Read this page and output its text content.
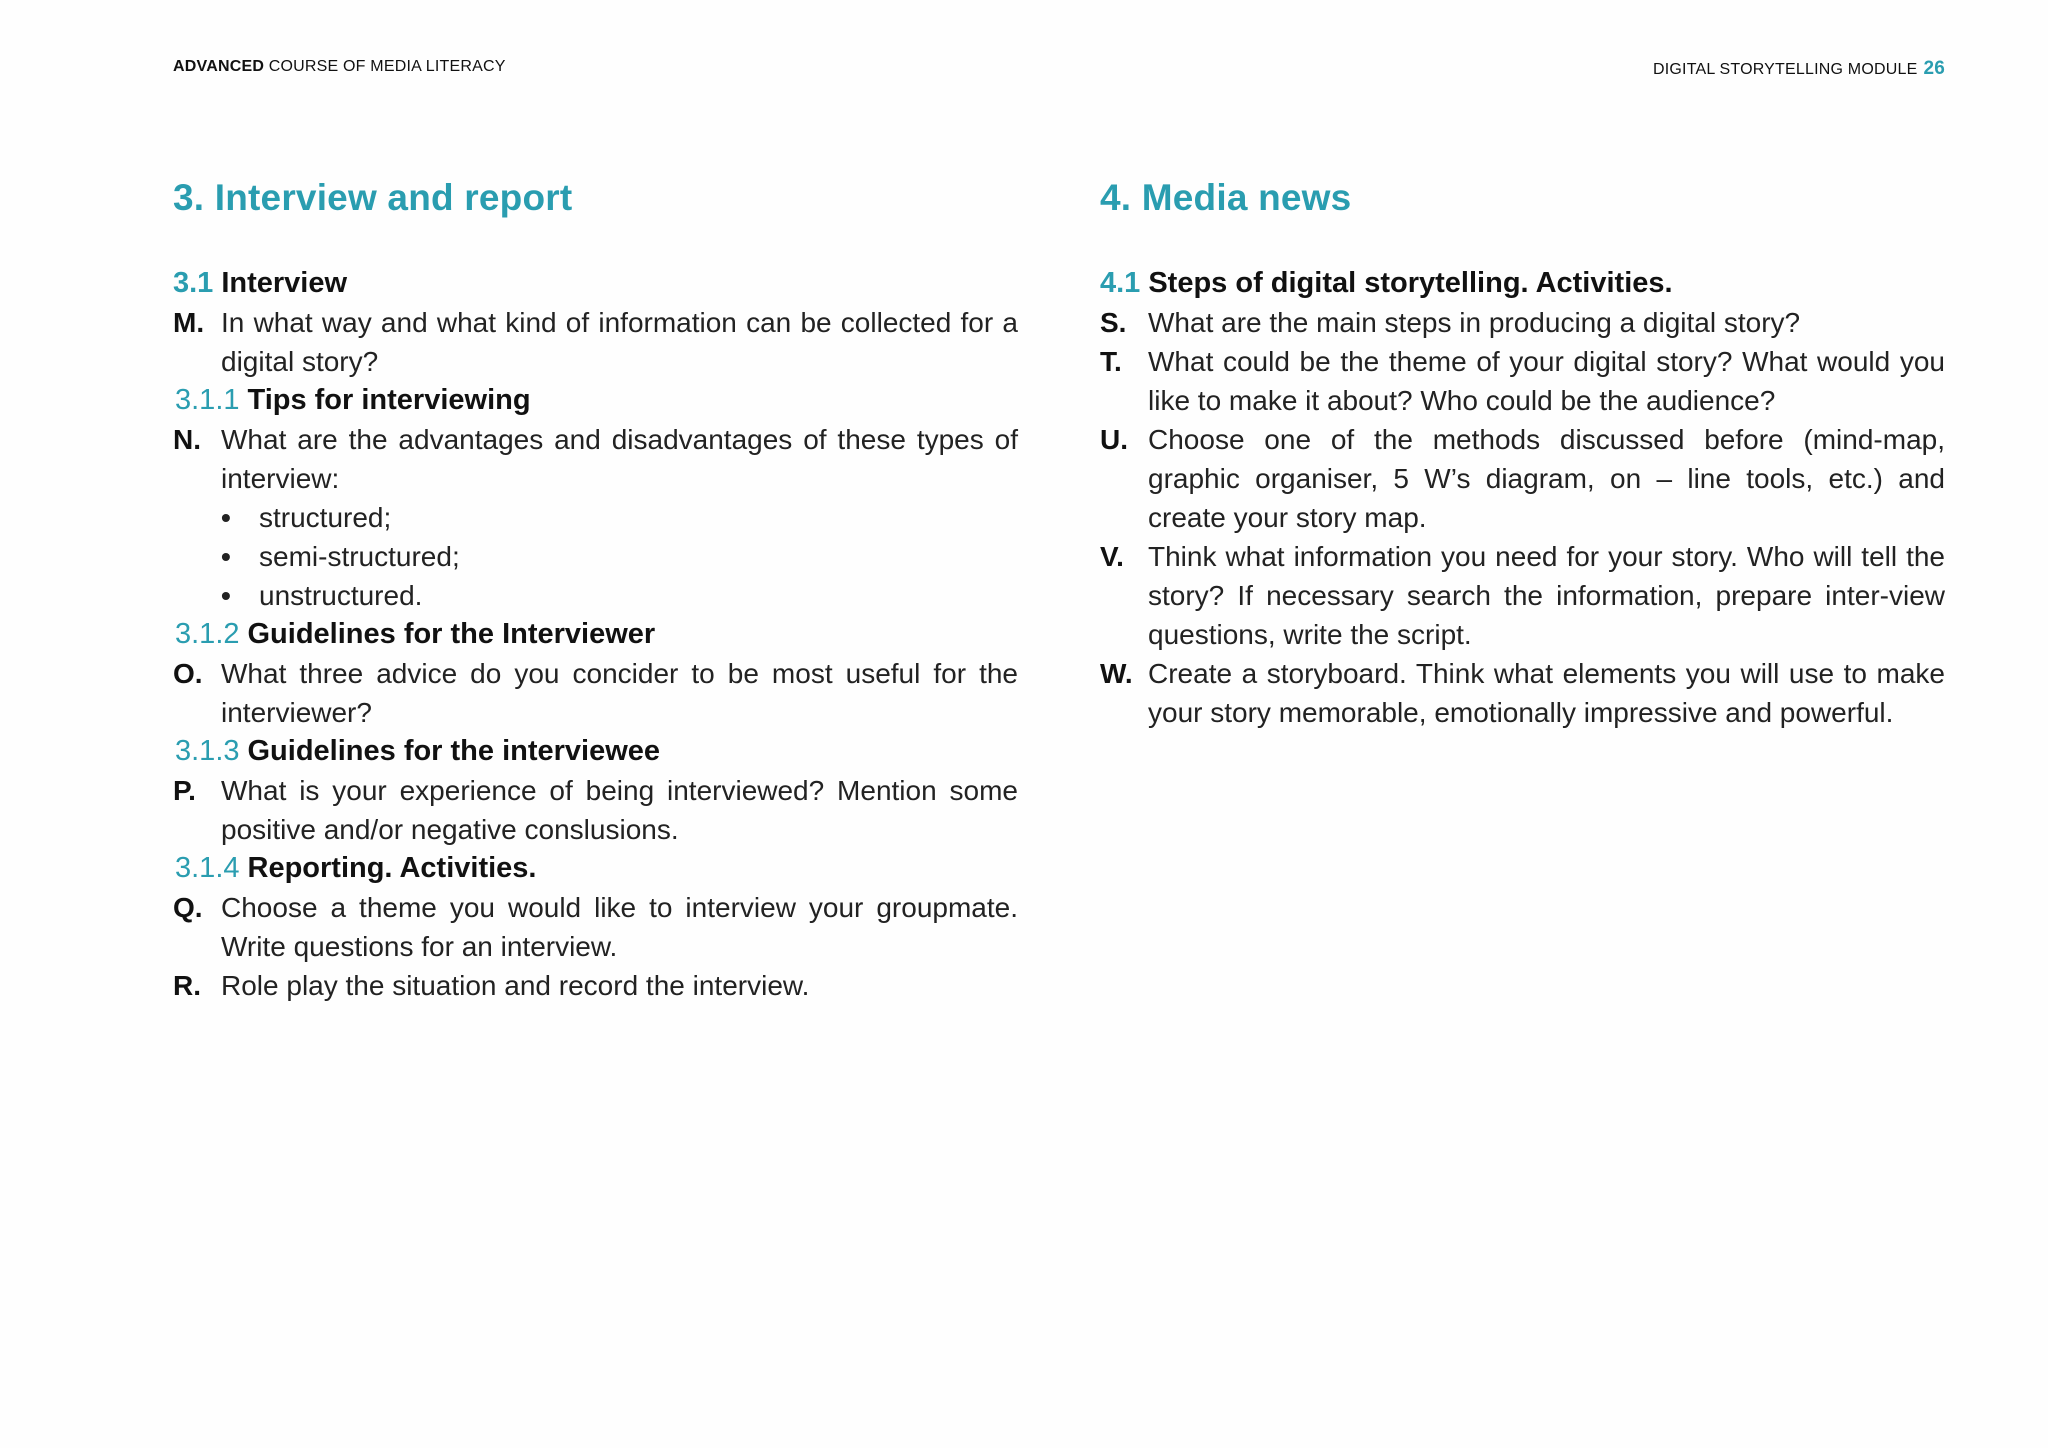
ADVANCED COURSE OF MEDIA LITERACY	DIGITAL STORYTELLING MODULE 26
3. Interview and report
3.1 Interview
M. In what way and what kind of information can be collected for a digital story?
3.1.1 Tips for interviewing
N. What are the advantages and disadvantages of these types of interview:
•	structured;
•	semi-structured;
•	unstructured.
3.1.2 Guidelines for the Interviewer
O. What three advice do you concider to be most useful for the interviewer?
3.1.3 Guidelines for the interviewee
P. What is your experience of being interviewed? Mention some positive and/or negative conslusions.
3.1.4 Reporting. Activities.
Q. Choose a theme you would like to interview your groupmate. Write questions for an interview.
R. Role play the situation and record the interview.
4. Media news
4.1 Steps of digital storytelling. Activities.
S. What are the main steps in producing a digital story?
T. What could be the theme of your digital story? What would you like to make it about? Who could be the audience?
U. Choose one of the methods discussed before (mind-map, graphic organiser, 5 W’s diagram, on – line tools, etc.) and create your story map.
V. Think what information you need for your story. Who will tell the story? If necessary search the information, prepare inter-view questions, write the script.
W. Create a storyboard. Think what elements you will use to make your story memorable, emotionally impressive and powerful.
